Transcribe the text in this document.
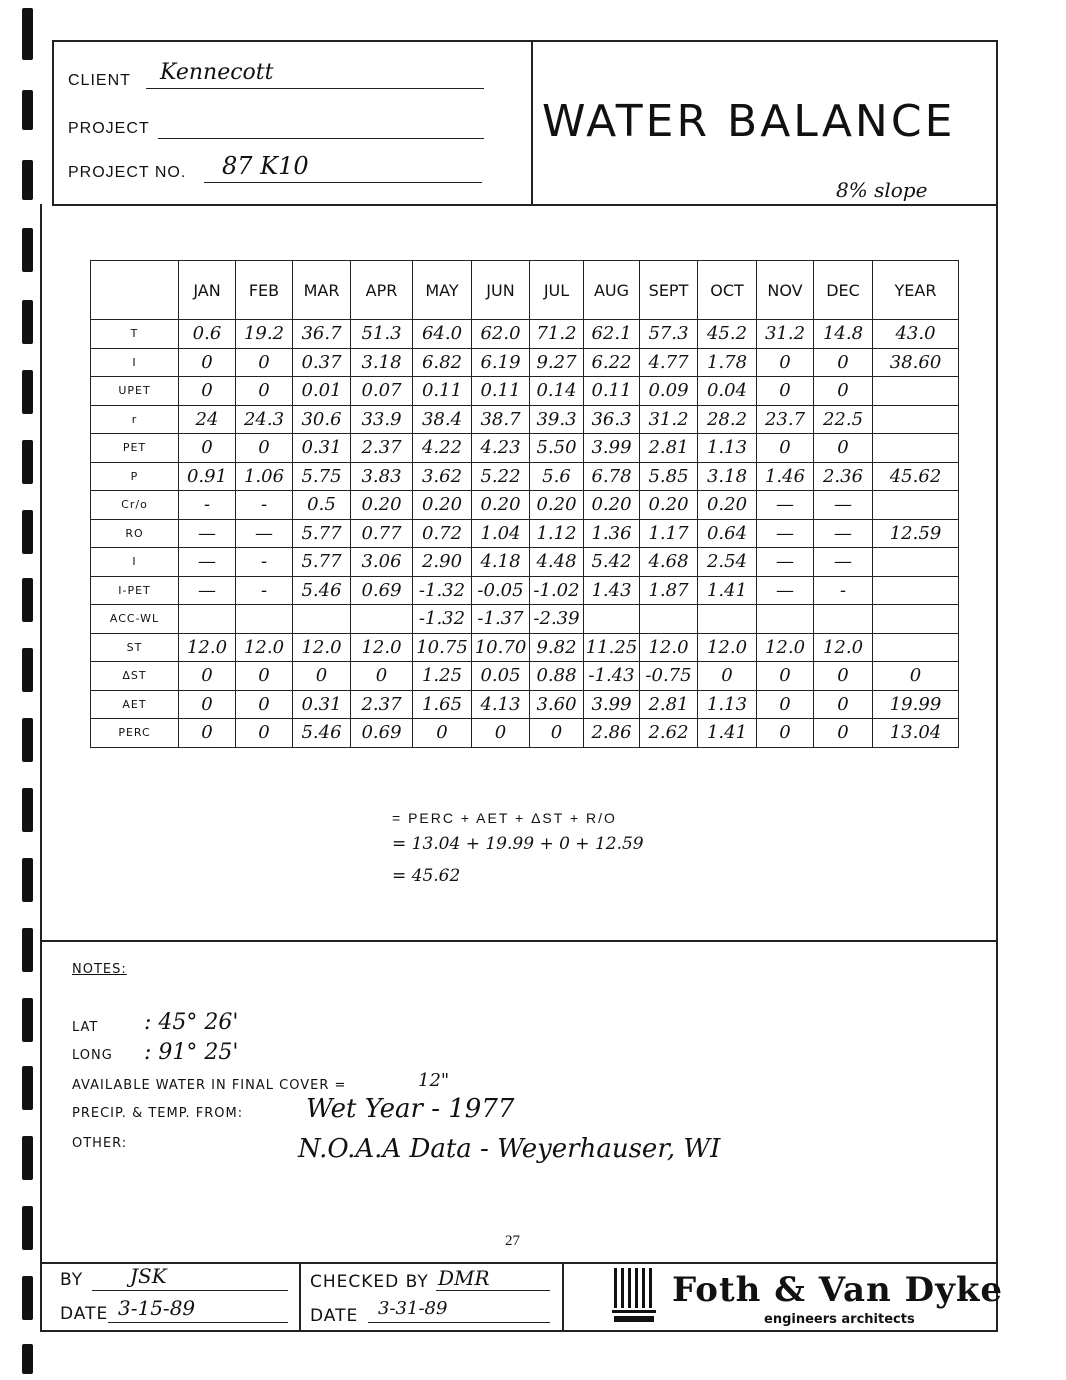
CLIENT Kennecott
PROJECT
PROJECT NO. 87 K10
WATER BALANCE
8% slope
	JAN	FEB	MAR	APR	MAY	JUN	JUL	AUG	SEPT	OCT	NOV	DEC	YEAR
T	0.6	19.2	36.7	51.3	64.0	62.0	71.2	62.1	57.3	45.2	31.2	14.8	43.0
I	0	0	0.37	3.18	6.82	6.19	9.27	6.22	4.77	1.78	0	0	38.60
UPET	0	0	0.01	0.07	0.11	0.11	0.14	0.11	0.09	0.04	0	0	
r	24	24.3	30.6	33.9	38.4	38.7	39.3	36.3	31.2	28.2	23.7	22.5	
PET	0	0	0.31	2.37	4.22	4.23	5.50	3.99	2.81	1.13	0	0	
P	0.91	1.06	5.75	3.83	3.62	5.22	5.6	6.78	5.85	3.18	1.46	2.36	45.62
Cr/o	-	-	0.5	0.20	0.20	0.20	0.20	0.20	0.20	0.20	—	—	
RO	—	—	5.77	0.77	0.72	1.04	1.12	1.36	1.17	0.64	—	—	12.59
I	—	-	5.77	3.06	2.90	4.18	4.48	5.42	4.68	2.54	—	—	
I-PET	—	-	5.46	0.69	-1.32	-0.05	-1.02	1.43	1.87	1.41	—	-	
ACC-WL					-1.32	-1.37	-2.39						
ST	12.0	12.0	12.0	12.0	10.75	10.70	9.82	11.25	12.0	12.0	12.0	12.0	
ΔST	0	0	0	0	1.25	0.05	0.88	-1.43	-0.75	0	0	0	0
AET	0	0	0.31	2.37	1.65	4.13	3.60	3.99	2.81	1.13	0	0	19.99
PERC	0	0	5.46	0.69	0	0	0	2.86	2.62	1.41	0	0	13.04
= PERC + AET + ΔST + R/O
= 13.04 + 19.99 + 0 + 12.59
= 45.62
NOTES:
LAT : 45° 26'
LONG : 91° 25'
AVAILABLE WATER IN FINAL COVER =	12"
PRECIP. & TEMP. FROM: Wet Year - 1977
OTHER:	N.O.A.A Data - Weyerhauser, WI
27
BY JSK
DATE 3-15-89
CHECKED BY DMR
DATE 3-31-89	Foth & Van Dyke
engineers architects
